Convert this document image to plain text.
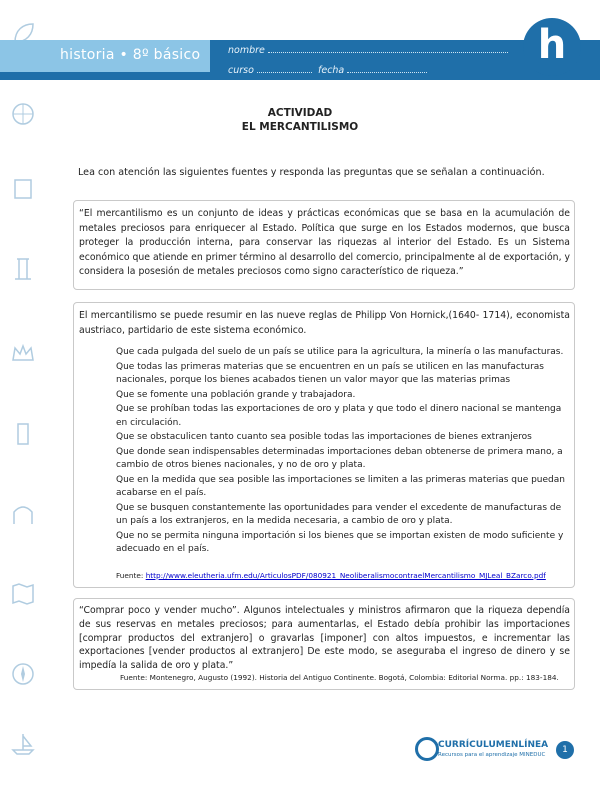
historia • 8º básico	nombre
curso	fecha
h
ACTIVIDAD
EL MERCANTILISMO
Lea con atención las siguientes fuentes y responda las preguntas que se señalan a continuación.

“El mercantilismo es un conjunto de ideas y prácticas económicas que se basa en la acumulación de metales preciosos para enriquecer al Estado. Política que surge en los Estados modernos, que busca proteger la producción interna, para conservar las riquezas al interior del Estado. Es un Sistema económico que atiende en primer término al desarrollo del comercio, principalmente al de exportación, y considera la posesión de metales preciosos como signo característico de riqueza.”

El mercantilismo se puede resumir en las nueve reglas de Philipp Von Hornick,(1640- 1714), economista austriaco, partidario de este sistema económico.

Que cada pulgada del suelo de un país se utilice para la agricultura, la minería o las manufacturas.
Que todas las primeras materias que se encuentren en un país se utilicen en las manufacturas nacionales, porque los bienes acabados tienen un valor mayor que las materias primas
Que se fomente una población grande y trabajadora.
Que se prohíban todas las exportaciones de oro y plata y que todo el dinero nacional se mantenga en circulación.
Que se obstaculicen tanto cuanto sea posible todas las importaciones de bienes extranjeros
Que donde sean indispensables determinadas importaciones deban obtenerse de primera mano, a cambio de otros bienes nacionales, y no de oro y plata.
Que en la medida que sea posible las importaciones se limiten a las primeras materias que puedan acabarse en el país.
Que se busquen constantemente las oportunidades para vender el excedente de manufacturas de un país a los extranjeros, en la medida necesaria, a cambio de oro y plata.
Que no se permita ninguna importación si los bienes que se importan existen de modo suficiente y adecuado en el país.
Fuente: http://www.eleutheria.ufm.edu/ArticulosPDF/080921_NeoliberalismocontraelMercantilismo_MJLeal_BZarco.pdf

“Comprar poco y vender mucho”. Algunos intelectuales y ministros afirmaron que la riqueza dependía de sus reservas en metales preciosos; para aumentarlas, el Estado debía prohibir las importaciones [comprar productos del extranjero] o gravarlas [imponer] con altos impuestos, e incrementar las exportaciones [vender productos al extranjero] De este modo, se aseguraba el ingreso de dinero y se impedía la salida de oro y plata.”

Fuente: Montenegro, Augusto (1992). Historia del Antiguo Continente. Bogotá, Colombia: Editorial Norma. pp.: 183-184.
CURRÍCULUMENLÍNEA
Recursos para el aprendizaje MINEDUC	1
